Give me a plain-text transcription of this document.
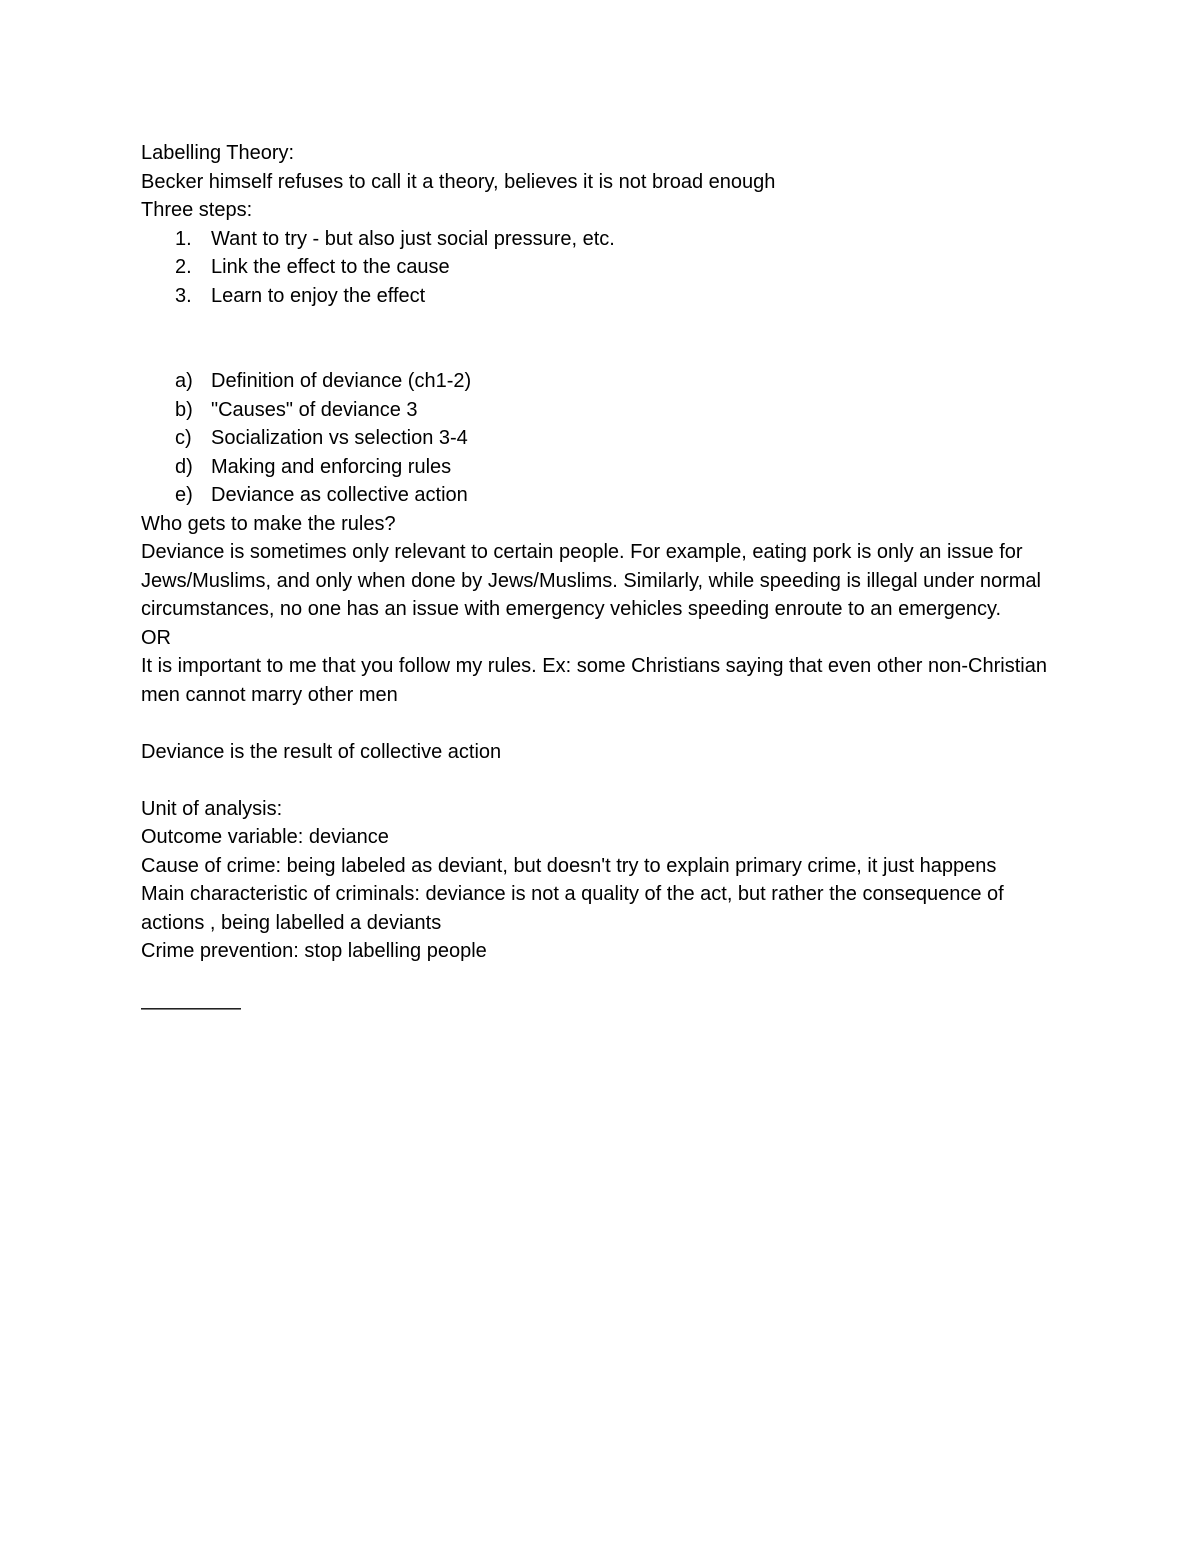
Labelling Theory:

Becker himself refuses to call it a theory, believes it is not broad enough

Three steps:

1. Want to try - but also just social pressure, etc.
2. Link the effect to the cause
3. Learn to enjoy the effect
a) Definition of deviance (ch1-2)
b) "Causes" of deviance 3
c) Socialization vs selection 3-4
d) Making and enforcing rules
e) Deviance as collective action

Who gets to make the rules?

Deviance is sometimes only relevant to certain people. For example, eating pork is only an issue for Jews/Muslims, and only when done by Jews/Muslims. Similarly, while speeding is illegal under normal circumstances, no one has an issue with emergency vehicles speeding enroute to an emergency.

OR

It is important to me that you follow my rules. Ex: some Christians saying that even other non-Christian men cannot marry other men

Deviance is the result of collective action

Unit of analysis:

Outcome variable: deviance

Cause of crime: being labeled as deviant, but doesn't try to explain primary crime, it just happens

Main characteristic of criminals: deviance is not a quality of the act, but rather the consequence of actions , being labelled a deviants

Crime prevention: stop labelling people

—————
